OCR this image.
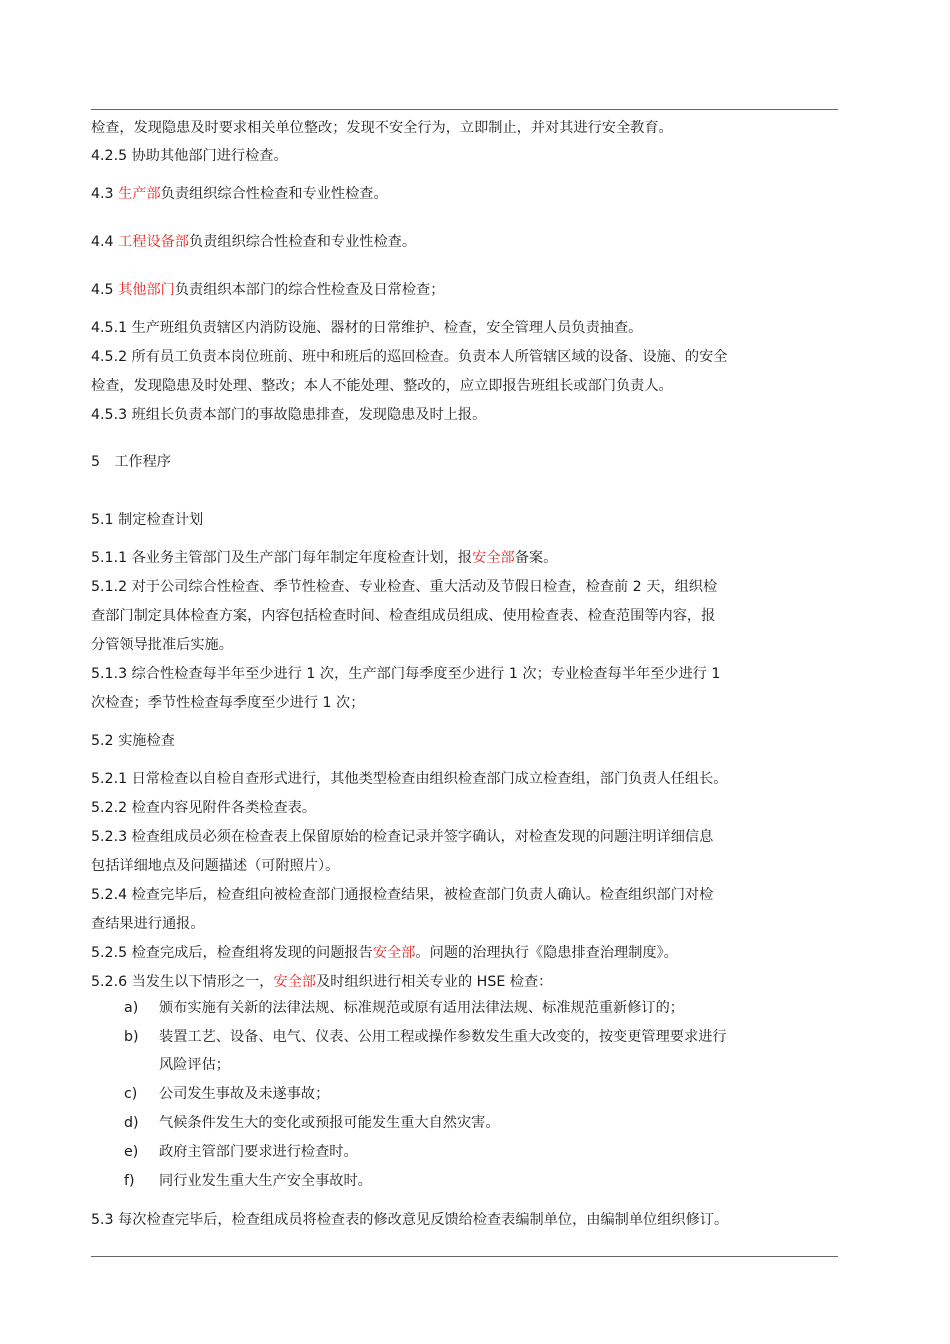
检查，发现隐患及时要求相关单位整改；发现不安全行为，立即制止，并对其进行安全教育。
4.2.5 协助其他部门进行检查。
4.3 生产部负责组织综合性检查和专业性检查。
4.4 工程设备部负责组织综合性检查和专业性检查。
4.5 其他部门负责组织本部门的综合性检查及日常检查；
4.5.1 生产班组负责辖区内消防设施、器材的日常维护、检查，安全管理人员负责抽查。
4.5.2 所有员工负责本岗位班前、班中和班后的巡回检查。负责本人所管辖区域的设备、设施、的安全
检查，发现隐患及时处理、整改；本人不能处理、整改的，应立即报告班组长或部门负责人。
4.5.3 班组长负责本部门的事故隐患排查，发现隐患及时上报。
5　工作程序
5.1 制定检查计划
5.1.1 各业务主管部门及生产部门每年制定年度检查计划，报安全部备案。
5.1.2 对于公司综合性检查、季节性检查、专业检查、重大活动及节假日检查，检查前 2 天，组织检
查部门制定具体检查方案，内容包括检查时间、检查组成员组成、使用检查表、检查范围等内容，报
分管领导批准后实施。
5.1.3 综合性检查每半年至少进行 1 次，生产部门每季度至少进行 1 次；专业检查每半年至少进行 1
次检查；季节性检查每季度至少进行 1 次；
5.2 实施检查
5.2.1 日常检查以自检自查形式进行，其他类型检查由组织检查部门成立检查组，部门负责人任组长。
5.2.2 检查内容见附件各类检查表。
5.2.3 检查组成员必须在检查表上保留原始的检查记录并签字确认，对检查发现的问题注明详细信息
包括详细地点及问题描述（可附照片）。
5.2.4 检查完毕后，检查组向被检查部门通报检查结果，被检查部门负责人确认。检查组织部门对检
查结果进行通报。
5.2.5 检查完成后，检查组将发现的问题报告安全部。问题的治理执行《隐患排查治理制度》。
5.2.6 当发生以下情形之一，安全部及时组织进行相关专业的 HSE 检查：
a) 颁布实施有关新的法律法规、标准规范或原有适用法律法规、标准规范重新修订的；
b) 装置工艺、设备、电气、仪表、公用工程或操作参数发生重大改变的，按变更管理要求进行
风险评估；
c) 公司发生事故及未遂事故；
d) 气候条件发生大的变化或预报可能发生重大自然灾害。
e) 政府主管部门要求进行检查时。
f) 同行业发生重大生产安全事故时。
5.3 每次检查完毕后，检查组成员将检查表的修改意见反馈给检查表编制单位，由编制单位组织修订。
